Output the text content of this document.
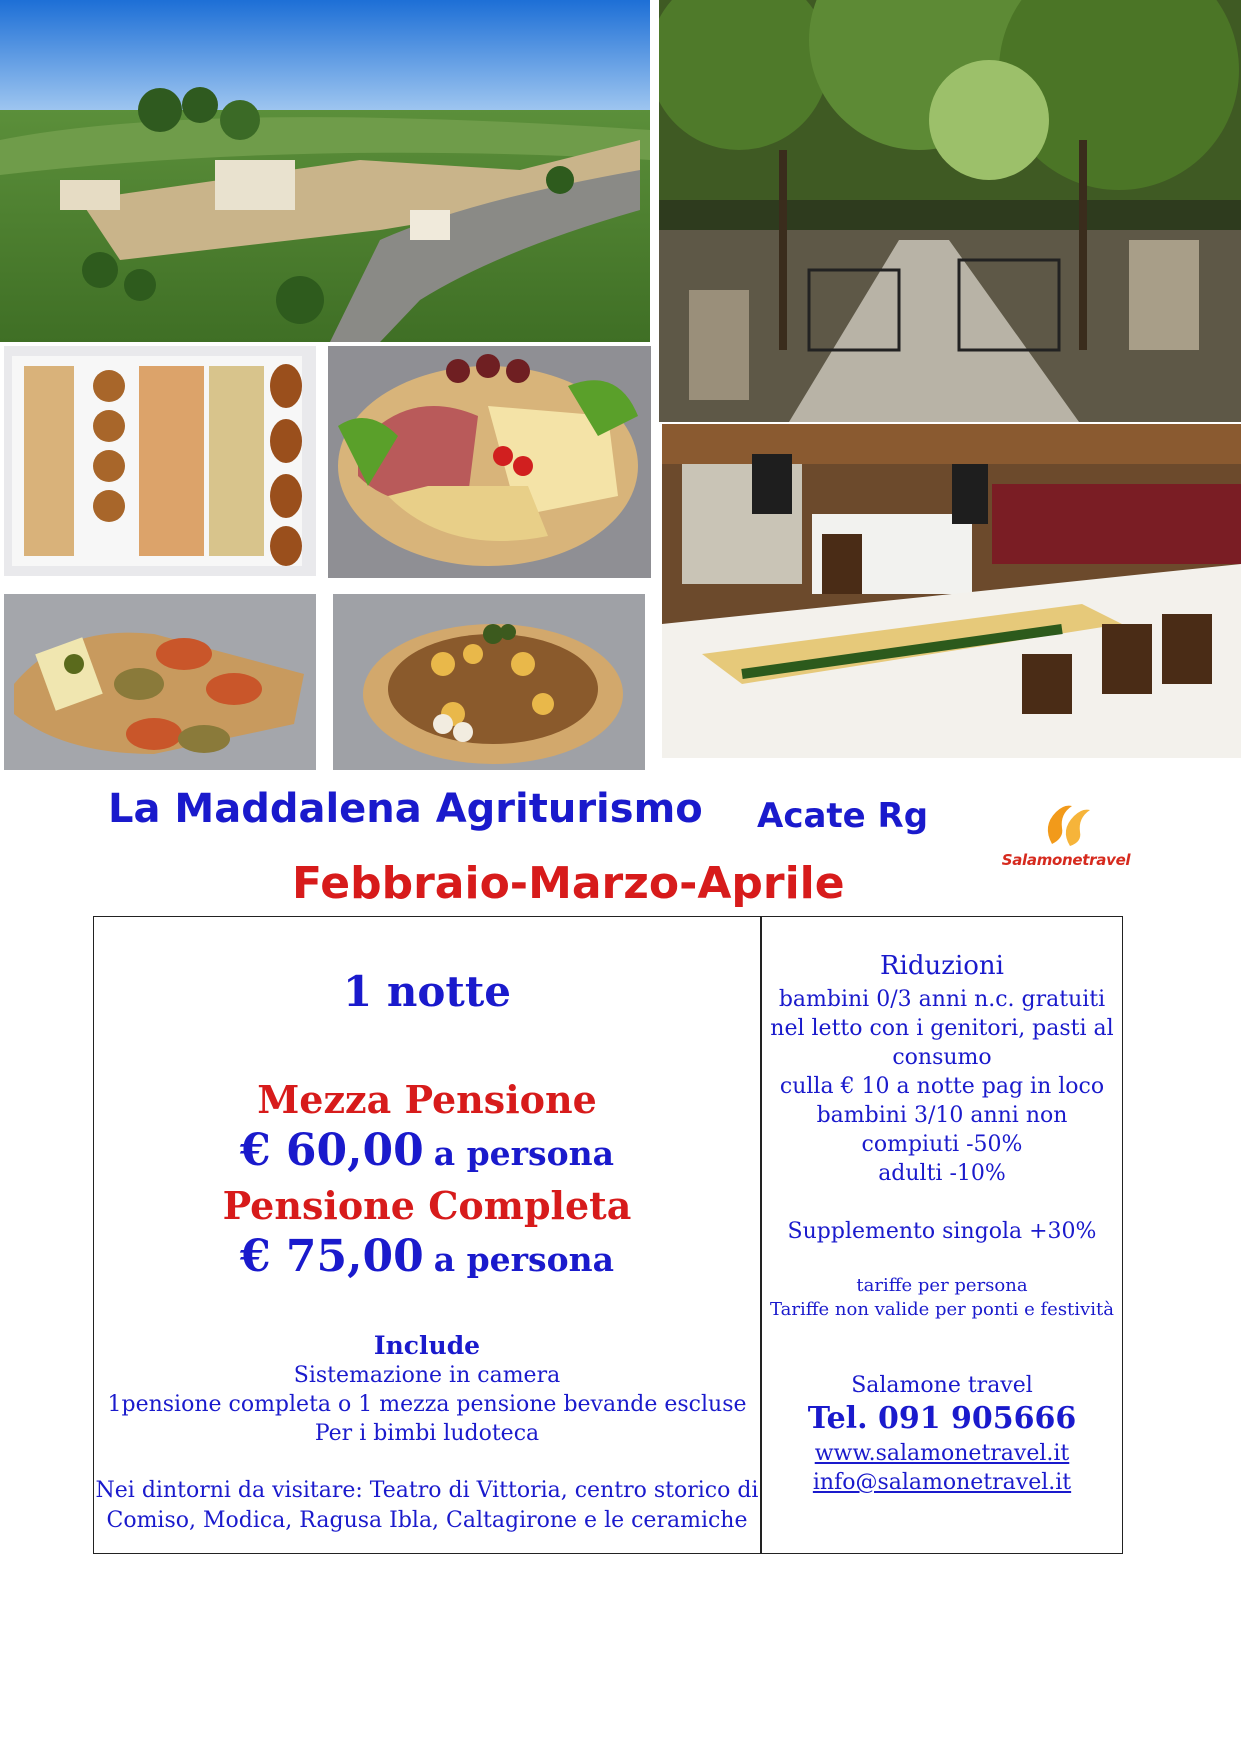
La Maddalena Agriturismo Acate Rg
Febbraio-Marzo-Aprile	Salamonetravel
1 notte
Mezza Pensione
€ 60,00 a persona
Pensione Completa
€ 75,00 a persona
Include
Sistemazione in camera
1pensione completa o 1 mezza pensione bevande escluse
Per i bimbi ludoteca
Nei dintorni da visitare: Teatro di Vittoria, centro storico di
Comiso, Modica, Ragusa Ibla, Caltagirone e le ceramiche
Riduzioni
bambini 0/3 anni n.c. gratuiti
nel letto con i genitori, pasti al
consumo
culla € 10 a notte pag in loco
bambini 3/10 anni non
compiuti -50%
adulti -10%
Supplemento singola +30%
tariffe per persona
Tariffe non valide per ponti e festività
Salamone travel
Tel. 091 905666
www.salamonetravel.it
info@salamonetravel.it
